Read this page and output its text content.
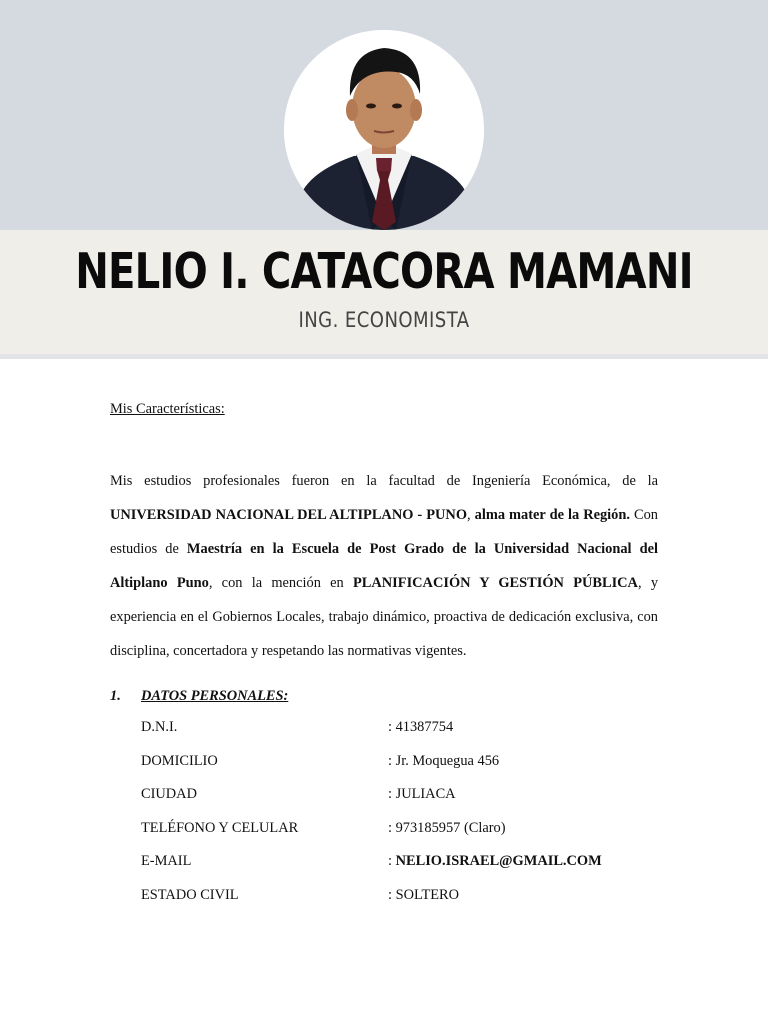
NELIO I. CATACORA MAMANI
ING. ECONOMISTA

Mis Características:

Mis estudios profesionales fueron en la facultad de Ingeniería Económica, de la UNIVERSIDAD NACIONAL DEL ALTIPLANO - PUNO, alma mater de la Región. Con estudios de Maestría en la Escuela de Post Grado de la Universidad Nacional del Altiplano Puno, con la mención en PLANIFICACIÓN Y GESTIÓN PÚBLICA, y experiencia en el Gobiernos Locales, trabajo dinámico, proactiva de dedicación exclusiva, con disciplina, concertadora y respetando las normativas vigentes.

1.	DATOS PERSONALES:
D.N.I.	: 41387754
DOMICILIO	: Jr. Moquegua 456
CIUDAD	: JULIACA
TELÉFONO Y CELULAR	: 973185957 (Claro)
E-MAIL	: NELIO.ISRAEL@GMAIL.COM
ESTADO CIVIL	: SOLTERO
